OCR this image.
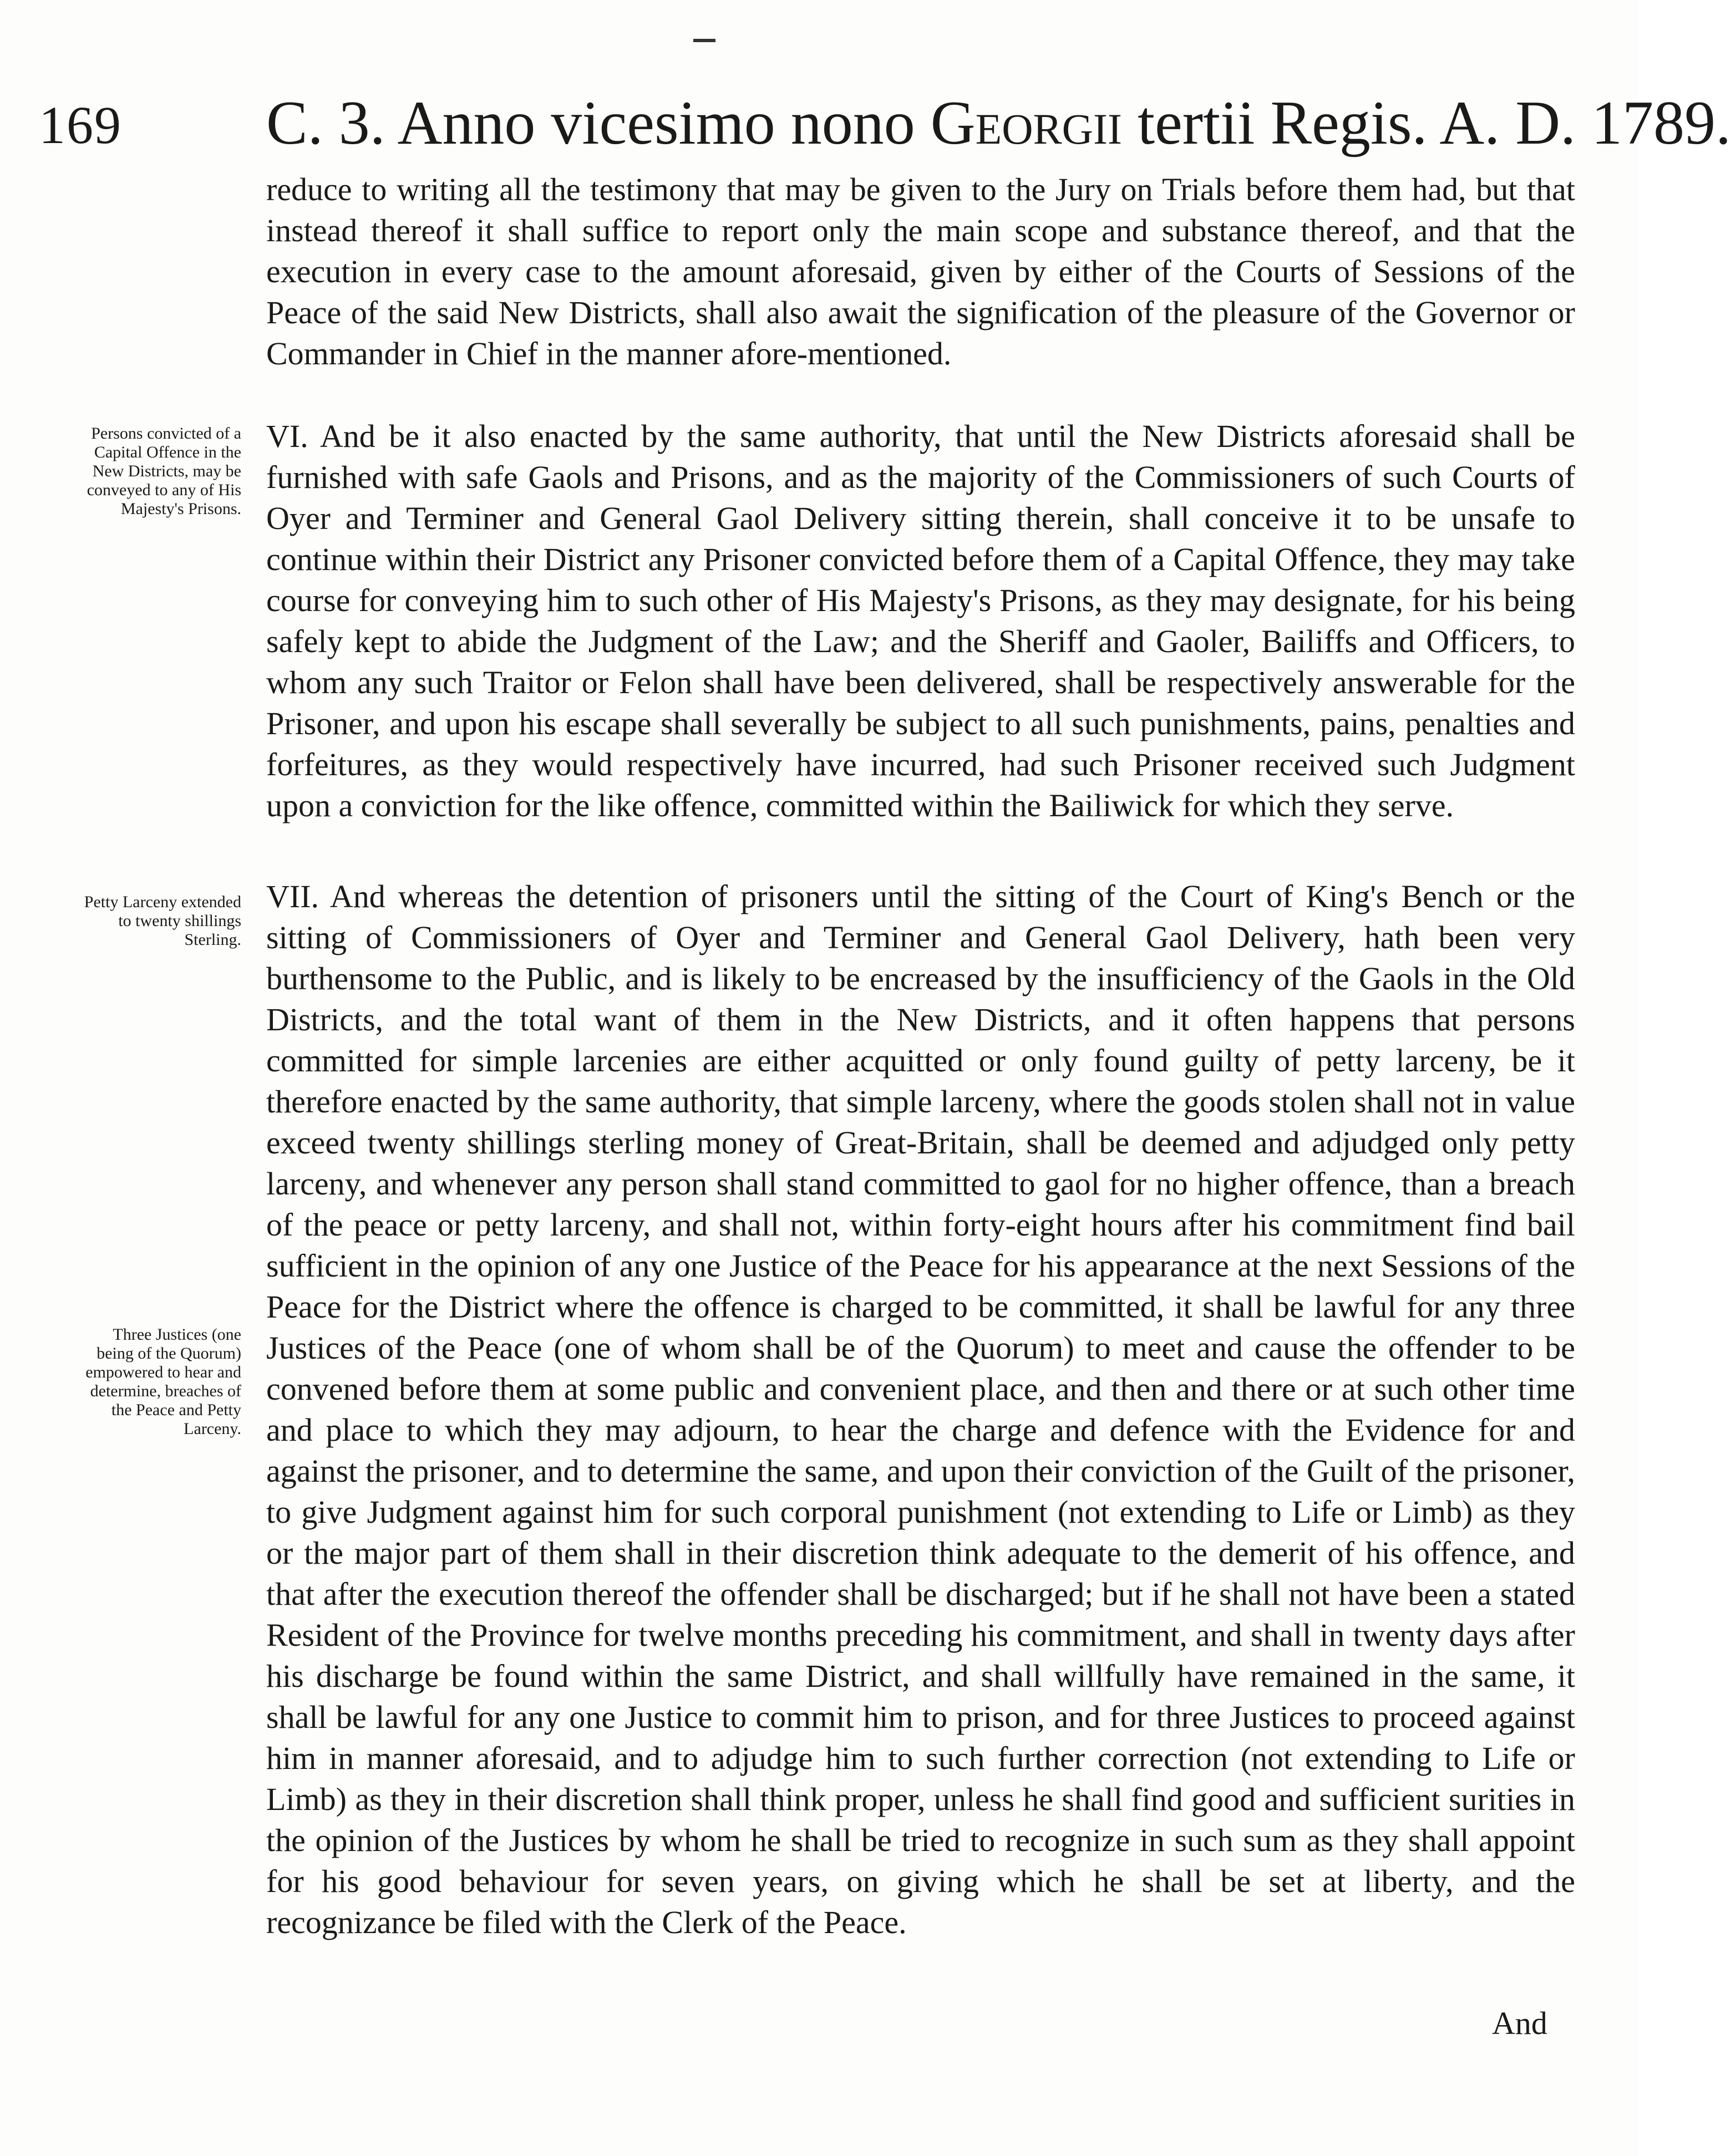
169 C. 3. Anno vicesimo nono Georgii tertii Regis. A. D. 1789.

reduce to writing all the testimony that may be given to the Jury on Trials before them had, but that instead thereof it shall suffice to report only the main scope and substance thereof, and that the execution in every case to the amount aforesaid, given by either of the Courts of Sessions of the Peace of the said New Districts, shall also await the signification of the pleasure of the Governor or Commander in Chief in the manner afore-mentioned.

Persons convicted of a Capital Offence in the New Districts, may be conveyed to any of His Majesty's Prisons.

VI. And be it also enacted by the same authority, that until the New Districts aforesaid shall be furnished with safe Gaols and Prisons, and as the majority of the Commissioners of such Courts of Oyer and Terminer and General Gaol Delivery sitting therein, shall conceive it to be unsafe to continue within their District any Prisoner convicted before them of a Capital Offence, they may take course for conveying him to such other of His Majesty's Prisons, as they may designate, for his being safely kept to abide the Judgment of the Law; and the Sheriff and Gaoler, Bailiffs and Officers, to whom any such Traitor or Felon shall have been delivered, shall be respectively answerable for the Prisoner, and upon his escape shall severally be subject to all such punishments, pains, penalties and forfeitures, as they would respectively have incurred, had such Prisoner received such Judgment upon a conviction for the like offence, committed within the Bailiwick for which they serve.

Petty Larceny extended to twenty shillings Sterling.
Three Justices (one being of the Quorum) empowered to hear and determine, breaches of the Peace and Petty Larceny.

VII. And whereas the detention of prisoners until the sitting of the Court of King's Bench or the sitting of Commissioners of Oyer and Terminer and General Gaol Delivery, hath been very burthensome to the Public, and is likely to be encreased by the insufficiency of the Gaols in the Old Districts, and the total want of them in the New Districts, and it often happens that persons committed for simple larcenies are either acquitted or only found guilty of petty larceny, be it therefore enacted by the same authority, that simple larceny, where the goods stolen shall not in value exceed twenty shillings sterling money of Great-Britain, shall be deemed and adjudged only petty larceny, and whenever any person shall stand committed to gaol for no higher offence, than a breach of the peace or petty larceny, and shall not, within forty-eight hours after his commitment find bail sufficient in the opinion of any one Justice of the Peace for his appearance at the next Sessions of the Peace for the District where the offence is charged to be committed, it shall be lawful for any three Justices of the Peace (one of whom shall be of the Quorum) to meet and cause the offender to be convened before them at some public and convenient place, and then and there or at such other time and place to which they may adjourn, to hear the charge and defence with the Evidence for and against the prisoner, and to determine the same, and upon their conviction of the Guilt of the prisoner, to give Judgment against him for such corporal punishment (not extending to Life or Limb) as they or the major part of them shall in their discretion think adequate to the demerit of his offence, and that after the execution thereof the offender shall be discharged; but if he shall not have been a stated Resident of the Province for twelve months preceding his commitment, and shall in twenty days after his discharge be found within the same District, and shall willfully have remained in the same, it shall be lawful for any one Justice to commit him to prison, and for three Justices to proceed against him in manner aforesaid, and to adjudge him to such further correction (not extending to Life or Limb) as they in their discretion shall think proper, unless he shall find good and sufficient surities in the opinion of the Justices by whom he shall be tried to recognize in such sum as they shall appoint for his good behaviour for seven years, on giving which he shall be set at liberty, and the recognizance be filed with the Clerk of the Peace.

And
